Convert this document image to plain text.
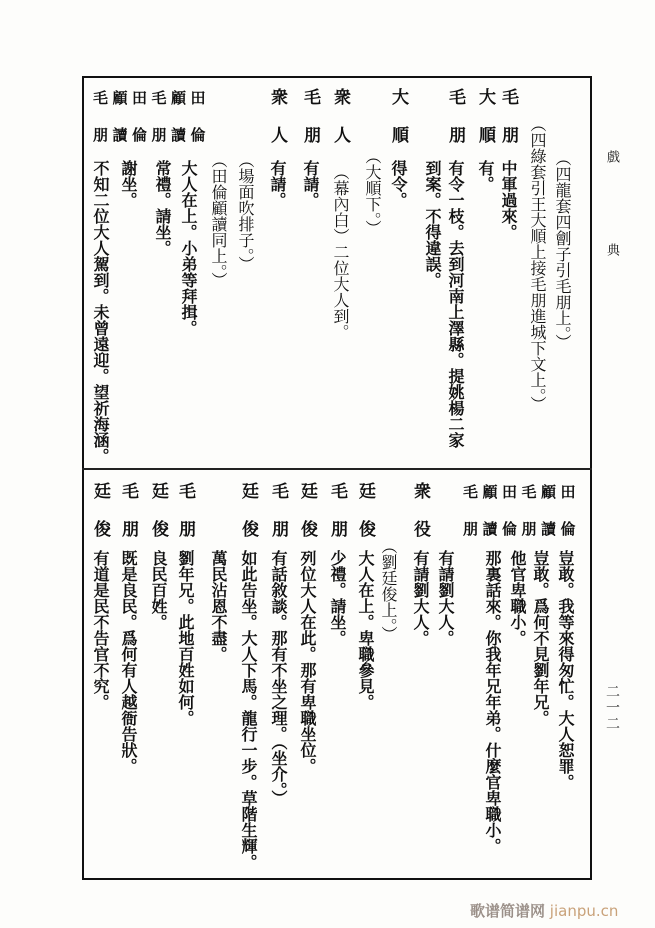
戲典
二一二
歌谱简谱网 jianpu.cn
（四龍套四劊子引毛朋上。）
（四綠套引王大順上接毛朋進城下文上。）
毛朋
中軍過來。
大順
有。
毛朋
有令一枝。去到河南上澤縣。提姚楊二家
到案。不得違誤。
大順
得令。
（大順下。）
衆人
（幕內白）二位大人到。
毛朋
有請。
衆人
有請。
（場面吹排子。）
（田倫顧讀同上。）
大人在上。小弟等拜揖。
常禮。請坐。
謝坐。
不知二位大人駕到。未曾遠迎。望祈海涵。
毛朋 顧讀 田倫 毛朋 顧讀 田倫
豈敢。我等來得匆忙。大人恕罪。
豈敢。爲何不見劉年兄。
他官卑職小。
那裏話來。你我年兄年弟。什麼官卑職小。
有請劉大人。
衆役
有請劉大人。
（劉廷俊上。）
廷俊
大人在上。卑職參見。
毛朋
少禮。請坐。
廷俊
列位大人在此。那有卑職坐位。
毛朋
有話敘談。那有不坐之理。（坐介。）
廷俊
如此告坐。大人下馬。龍行一步。草階生輝。
萬民沾恩不盡。
毛朋
劉年兄。此地百姓如何。
廷俊
良民百姓。
毛朋
既是良民。爲何有人越衙告狀。
廷俊
有道是民不告官不究。
毛朋 顧讀 田倫 毛朋 顧讀 田倫
